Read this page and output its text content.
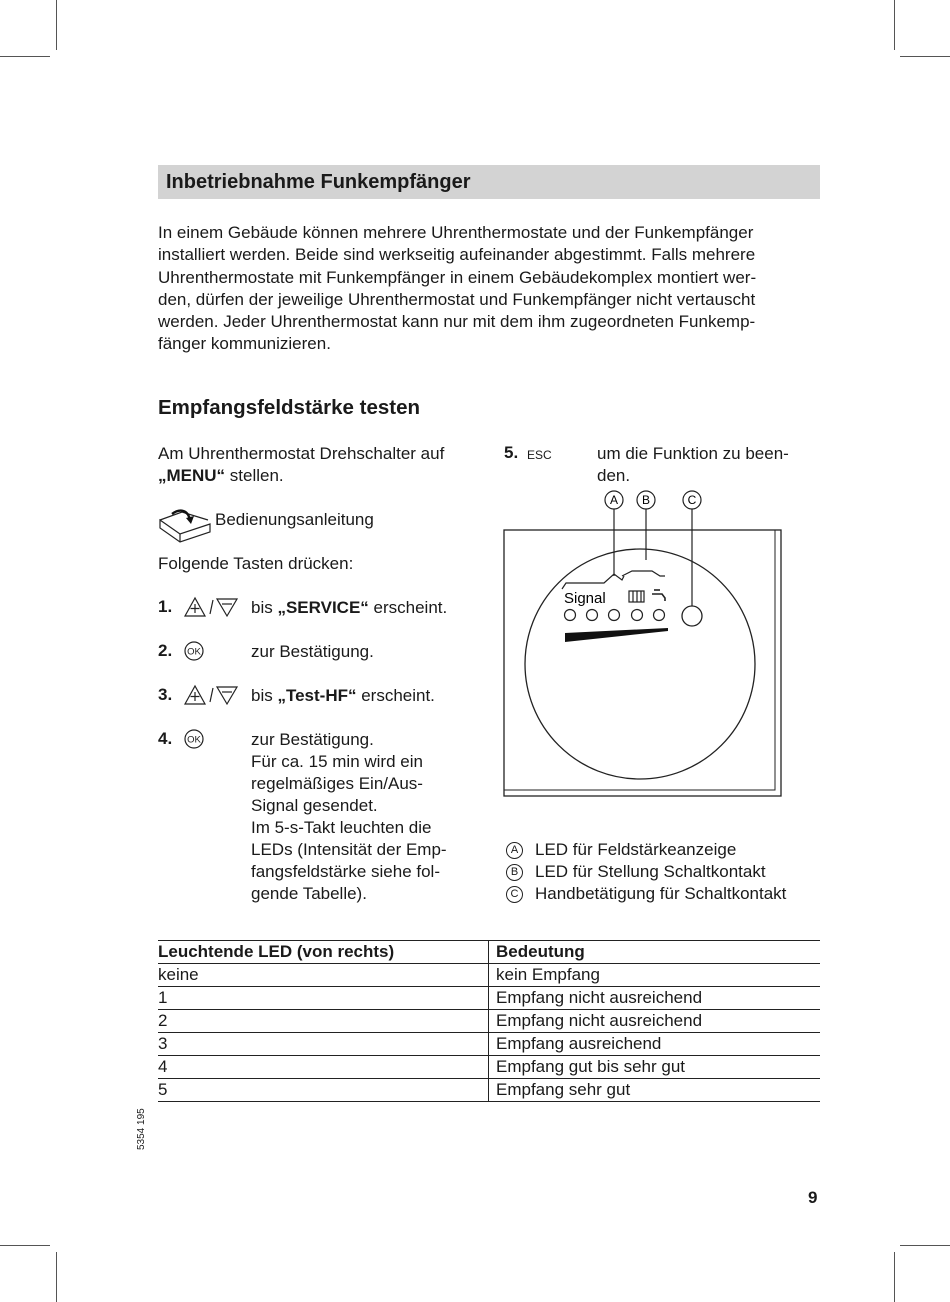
Inbetriebnahme Funkempfänger
In einem Gebäude können mehrere Uhrenthermostate und der Funkempfänger
installiert werden. Beide sind werkseitig aufeinander abgestimmt. Falls mehrere
Uhrenthermostate mit Funkempfänger in einem Gebäudekomplex montiert wer-
den, dürfen der jeweilige Uhrenthermostat und Funkempfänger nicht vertauscht
werden. Jeder Uhrenthermostat kann nur mit dem ihm zugeordneten Funkemp-
fänger kommunizieren.
Empfangsfeldstärke testen
Am Uhrenthermostat Drehschalter auf
„MENU“ stellen.
Bedienungsanleitung
Folgende Tasten drücken:
1.	bis „SERVICE“ erscheint.
2. OK	zur Bestätigung.
3.	bis „Test-HF“ erscheint.
4. OK	zur Bestätigung.
Für ca. 15 min wird ein
regelmäßiges Ein/Aus-
Signal gesendet.
Im 5-s-Takt leuchten die
LEDs (Intensität der Emp-
fangsfeldstärke siehe fol-
gende Tabelle).
5. ESC	um die Funktion zu been-
den.
A B	C
Signal
A LED für Feldstärkeanzeige
B LED für Stellung Schaltkontakt
C Handbetätigung für Schaltkontakt
Leuchtende LED (von rechts)	Bedeutung
keine	kein Empfang
1	Empfang nicht ausreichend
2	Empfang nicht ausreichend
3	Empfang ausreichend
4	Empfang gut bis sehr gut
5	Empfang sehr gut
5354 195
9
